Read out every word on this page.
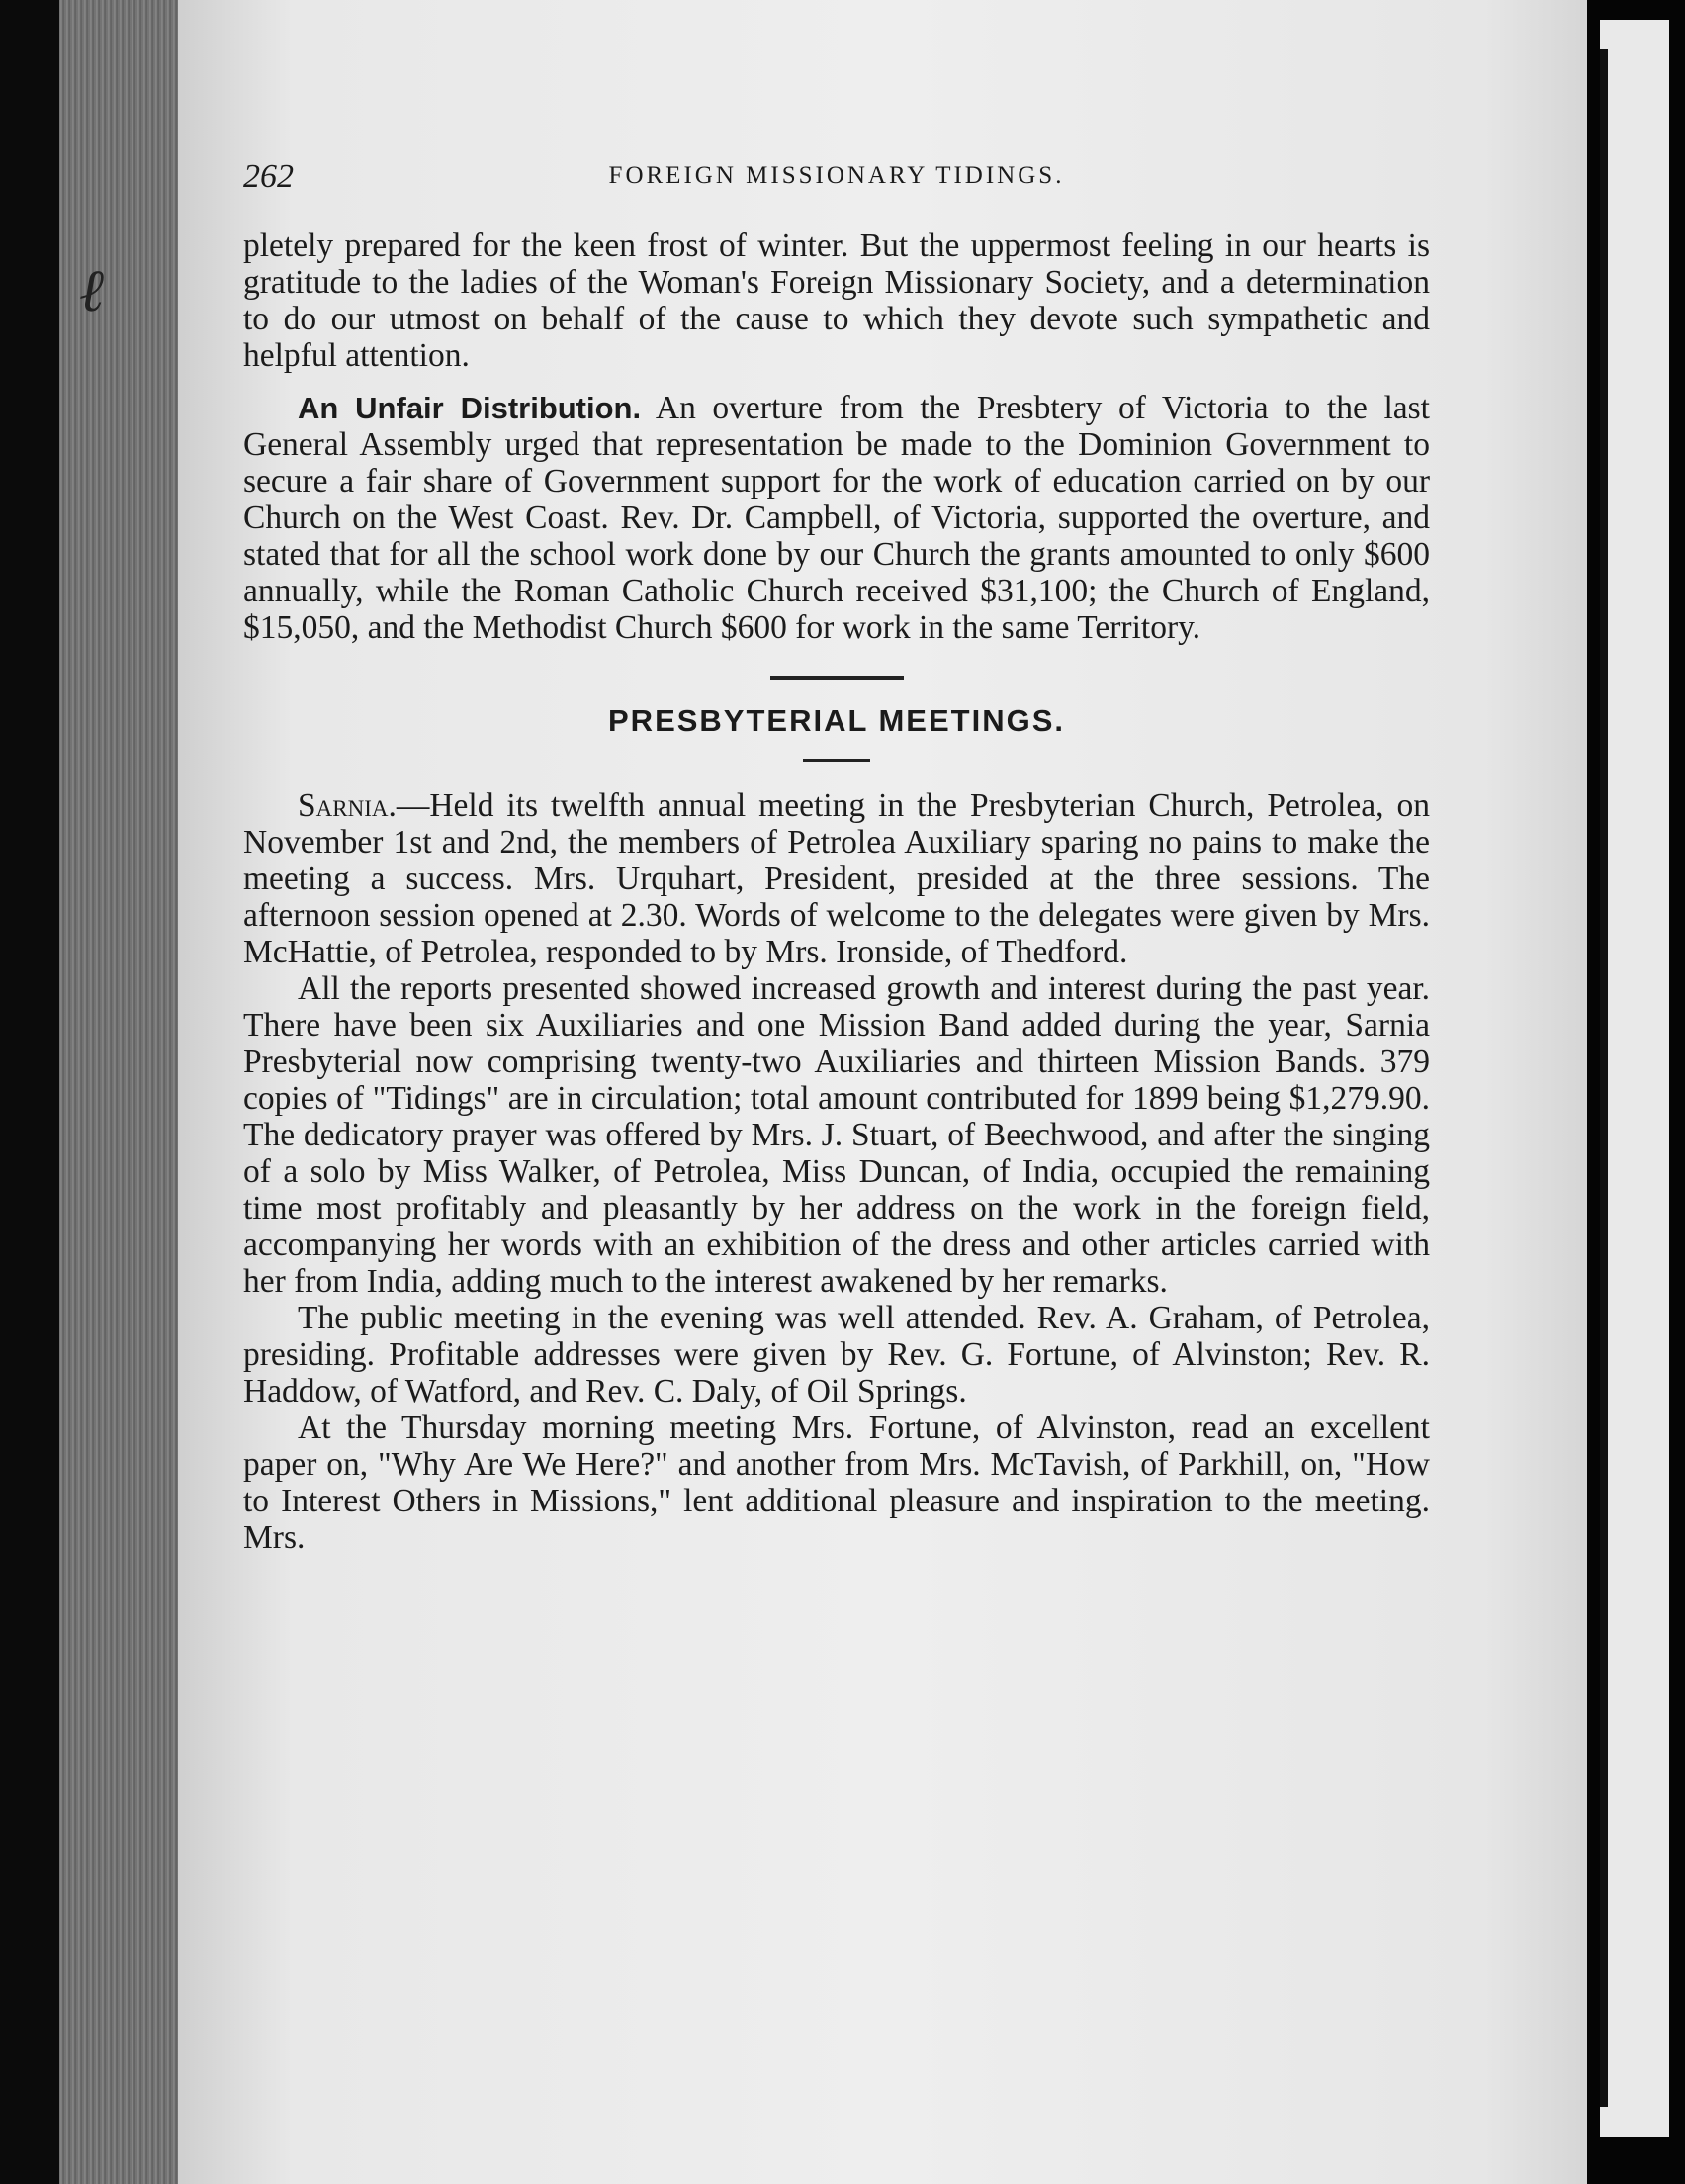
ℓ
262	FOREIGN MISSIONARY TIDINGS.

pletely prepared for the keen frost of winter. But the uppermost feeling in our hearts is gratitude to the ladies of the Woman's Foreign Missionary Society, and a determination to do our utmost on behalf of the cause to which they devote such sympathetic and helpful attention.

An Unfair Distribution. An overture from the Presbtery of Victoria to the last General Assembly urged that representation be made to the Dominion Government to secure a fair share of Government support for the work of education carried on by our Church on the West Coast. Rev. Dr. Campbell, of Victoria, supported the overture, and stated that for all the school work done by our Church the grants amounted to only $600 annually, while the Roman Catholic Church received $31,100; the Church of England, $15,050, and the Methodist Church $600 for work in the same Territory.

PRESBYTERIAL MEETINGS.

Sarnia.—Held its twelfth annual meeting in the Presbyterian Church, Petrolea, on November 1st and 2nd, the members of Petrolea Auxiliary sparing no pains to make the meeting a success. Mrs. Urquhart, President, presided at the three sessions. The afternoon session opened at 2.30. Words of welcome to the delegates were given by Mrs. McHattie, of Petrolea, responded to by Mrs. Ironside, of Thedford.

All the reports presented showed increased growth and interest during the past year. There have been six Auxiliaries and one Mission Band added during the year, Sarnia Presbyterial now comprising twenty-two Auxiliaries and thirteen Mission Bands. 379 copies of "Tidings" are in circulation; total amount contributed for 1899 being $1,279.90. The dedicatory prayer was offered by Mrs. J. Stuart, of Beechwood, and after the singing of a solo by Miss Walker, of Petrolea, Miss Duncan, of India, occupied the remaining time most profitably and pleasantly by her address on the work in the foreign field, accompanying her words with an exhibition of the dress and other articles carried with her from India, adding much to the interest awakened by her remarks.

The public meeting in the evening was well attended. Rev. A. Graham, of Petrolea, presiding. Profitable addresses were given by Rev. G. Fortune, of Alvinston; Rev. R. Haddow, of Watford, and Rev. C. Daly, of Oil Springs.

At the Thursday morning meeting Mrs. Fortune, of Alvinston, read an excellent paper on, "Why Are We Here?" and another from Mrs. McTavish, of Parkhill, on, "How to Interest Others in Missions," lent additional pleasure and inspiration to the meeting. Mrs.
